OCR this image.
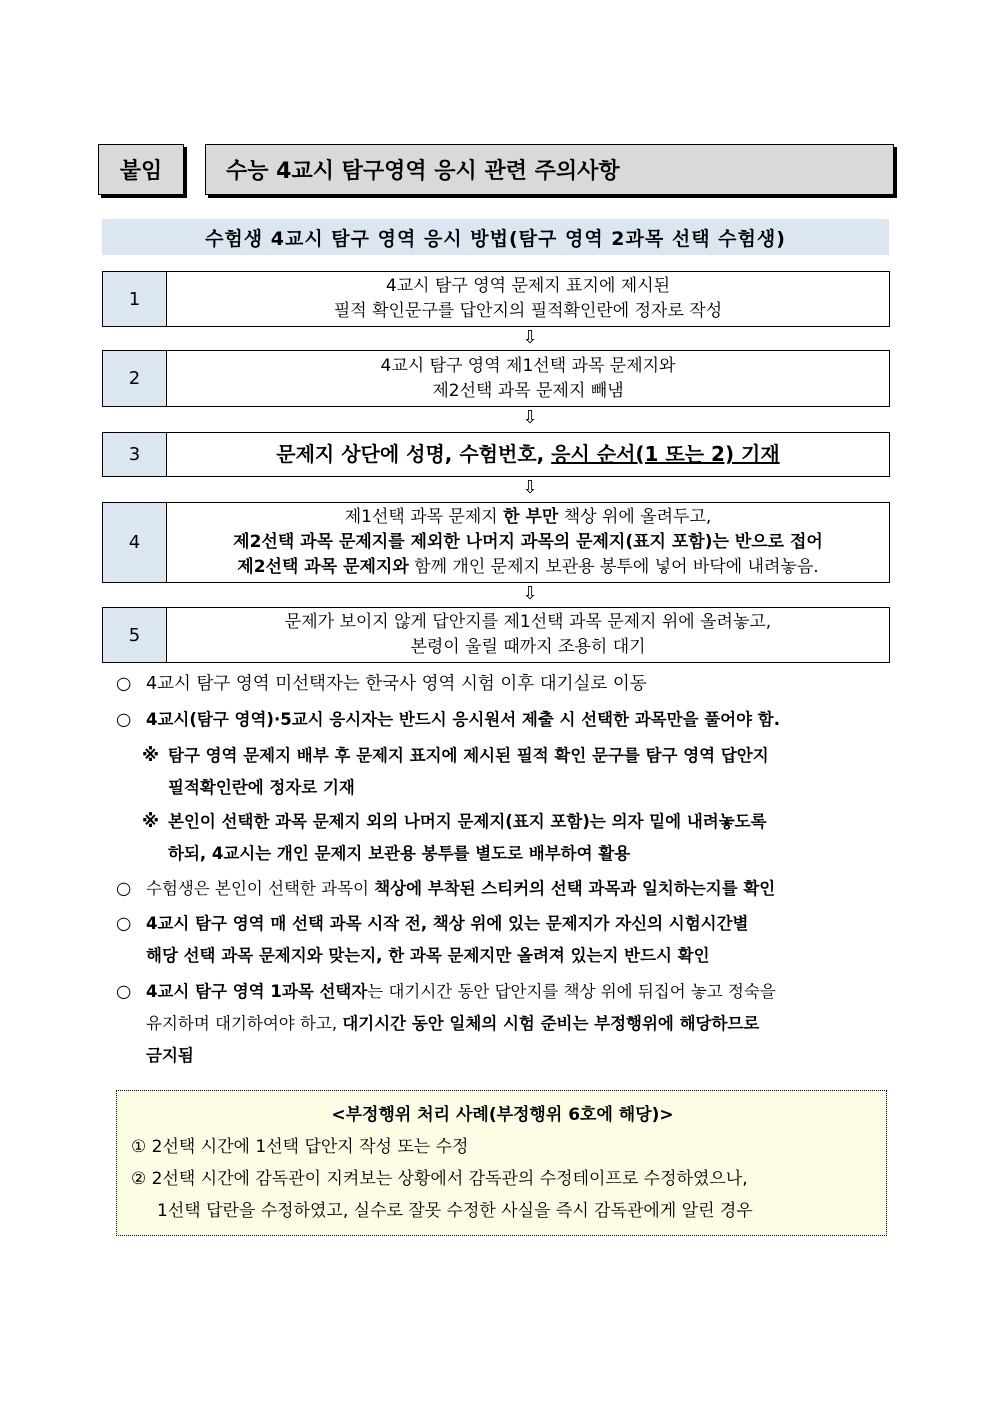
붙임	수능 4교시 탐구영역 응시 관련 주의사항
수험생 4교시 탐구 영역 응시 방법(탐구 영역 2과목 선택 수험생)
1
4교시 탐구 영역 문제지 표지에 제시된
필적 확인문구를 답안지의 필적확인란에 정자로 작성
⇩
2
4교시 탐구 영역 제1선택 과목 문제지와
제2선택 과목 문제지 빼냄
⇩
3	문제지 상단에 성명, 수험번호, 응시 순서(1 또는 2) 기재
⇩
4
제1선택 과목 문제지 한 부만 책상 위에 올려두고,
제2선택 과목 문제지를 제외한 나머지 과목의 문제지(표지 포함)는 반으로 접어
제2선택 과목 문제지와 함께 개인 문제지 보관용 봉투에 넣어 바닥에 내려놓음.
⇩
5
문제가 보이지 않게 답안지를 제1선택 과목 문제지 위에 올려놓고,
본령이 울릴 때까지 조용히 대기
○ 4교시 탐구 영역 미선택자는 한국사 영역 시험 이후 대기실로 이동
○ 4교시(탐구 영역)·5교시 응시자는 반드시 응시원서 제출 시 선택한 과목만을 풀어야 함.
※ 탐구 영역 문제지 배부 후 문제지 표지에 제시된 필적 확인 문구를 탐구 영역 답안지
필적확인란에 정자로 기재
※ 본인이 선택한 과목 문제지 외의 나머지 문제지(표지 포함)는 의자 밑에 내려놓도록
하되, 4교시는 개인 문제지 보관용 봉투를 별도로 배부하여 활용
○ 수험생은 본인이 선택한 과목이 책상에 부착된 스티커의 선택 과목과 일치하는지를 확인
○ 4교시 탐구 영역 매 선택 과목 시작 전, 책상 위에 있는 문제지가 자신의 시험시간별
해당 선택 과목 문제지와 맞는지, 한 과목 문제지만 올려져 있는지 반드시 확인
○ 4교시 탐구 영역 1과목 선택자는 대기시간 동안 답안지를 책상 위에 뒤집어 놓고 정숙을
유지하며 대기하여야 하고, 대기시간 동안 일체의 시험 준비는 부정행위에 해당하므로
금지됨
<부정행위 처리 사례(부정행위 6호에 해당)>
① 2선택 시간에 1선택 답안지 작성 또는 수정
② 2선택 시간에 감독관이 지켜보는 상황에서 감독관의 수정테이프로 수정하였으나,
1선택 답란을 수정하였고, 실수로 잘못 수정한 사실을 즉시 감독관에게 알린 경우
